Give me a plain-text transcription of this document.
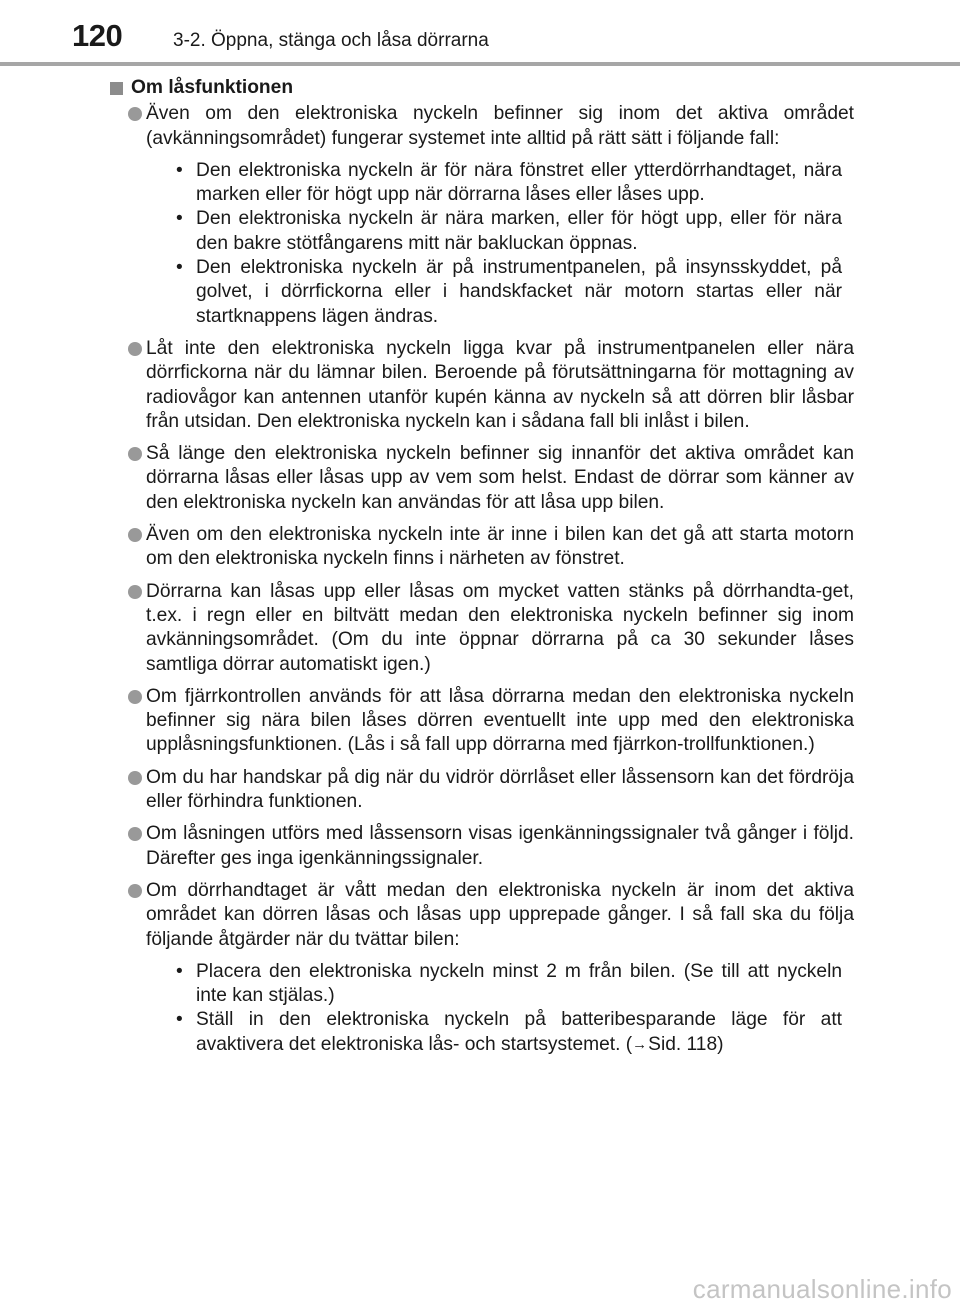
120	3-2. Öppna, stänga och låsa dörrarna
Om låsfunktionen
Även om den elektroniska nyckeln befinner sig inom det aktiva området (avkänningsområdet) fungerar systemet inte alltid på rätt sätt i följande fall:
• Den elektroniska nyckeln är för nära fönstret eller ytterdörrhandtaget, nära marken eller för högt upp när dörrarna låses eller låses upp.
• Den elektroniska nyckeln är nära marken, eller för högt upp, eller för nära den bakre stötfångarens mitt när bakluckan öppnas.
• Den elektroniska nyckeln är på instrumentpanelen, på insynsskyddet, på golvet, i dörrfickorna eller i handskfacket när motorn startas eller när startknappens lägen ändras.
Låt inte den elektroniska nyckeln ligga kvar på instrumentpanelen eller nära dörrfickorna när du lämnar bilen. Beroende på förutsättningarna för mottagning av radiovågor kan antennen utanför kupén känna av nyckeln så att dörren blir låsbar från utsidan. Den elektroniska nyckeln kan i sådana fall bli inlåst i bilen.
Så länge den elektroniska nyckeln befinner sig innanför det aktiva området kan dörrarna låsas eller låsas upp av vem som helst. Endast de dörrar som känner av den elektroniska nyckeln kan användas för att låsa upp bilen.
Även om den elektroniska nyckeln inte är inne i bilen kan det gå att starta motorn om den elektroniska nyckeln finns i närheten av fönstret.
Dörrarna kan låsas upp eller låsas om mycket vatten stänks på dörrhandta-get, t.ex. i regn eller en biltvätt medan den elektroniska nyckeln befinner sig inom avkänningsområdet. (Om du inte öppnar dörrarna på ca 30 sekunder låses samtliga dörrar automatiskt igen.)
Om fjärrkontrollen används för att låsa dörrarna medan den elektroniska nyckeln befinner sig nära bilen låses dörren eventuellt inte upp med den elektroniska upplåsningsfunktionen. (Lås i så fall upp dörrarna med fjärrkon-trollfunktionen.)
Om du har handskar på dig när du vidrör dörrlåset eller låssensorn kan det fördröja eller förhindra funktionen.
Om låsningen utförs med låssensorn visas igenkänningssignaler två gånger i följd. Därefter ges inga igenkänningssignaler.
Om dörrhandtaget är vått medan den elektroniska nyckeln är inom det aktiva området kan dörren låsas och låsas upp upprepade gånger. I så fall ska du följa följande åtgärder när du tvättar bilen:
• Placera den elektroniska nyckeln minst 2 m från bilen. (Se till att nyckeln inte kan stjälas.)
• Ställ in den elektroniska nyckeln på batteribesparande läge för att avaktivera det elektroniska lås- och startsystemet. (→Sid. 118)
carmanualsonline.info
